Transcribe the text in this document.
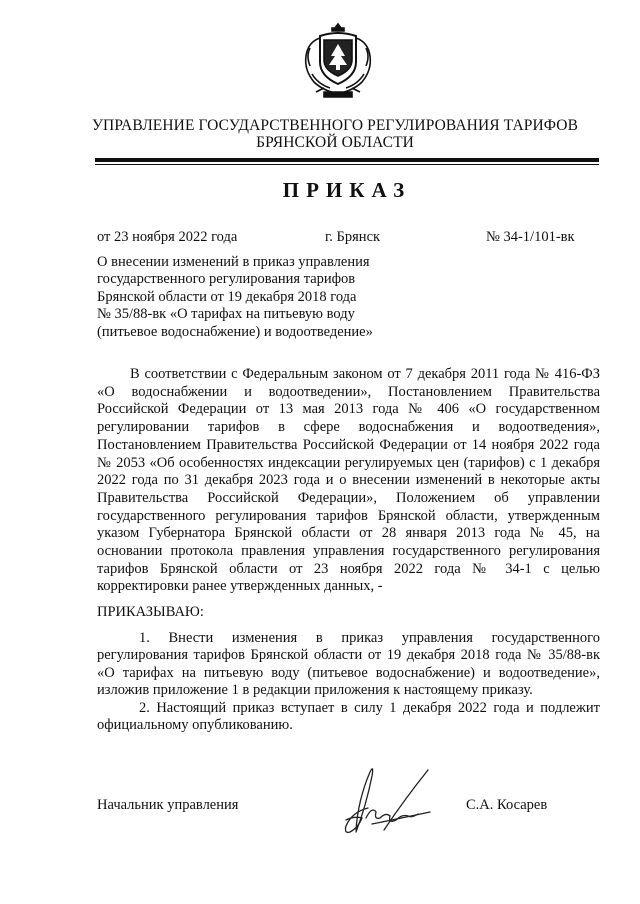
УПРАВЛЕНИЕ ГОСУДАРСТВЕННОГО РЕГУЛИРОВАНИЯ ТАРИФОВ
БРЯНСКОЙ ОБЛАСТИ
ПРИКАЗ
от 23 ноября 2022 года	г. Брянск	№ 34-1/101-вк
О внесении изменений в приказ управления
государственного регулирования тарифов
Брянской области от 19 декабря 2018 года
№ 35/88-вк «О тарифах на питьевую воду
(питьевое водоснабжение) и водоотведение»
В соответствии с Федеральным законом от 7 декабря 2011 года № 416-ФЗ «О водоснабжении и водоотведении», Постановлением Правительства Российской Федерации от 13 мая 2013 года № 406 «О государственном регулировании тарифов в сфере водоснабжения и водоотведения», Постановлением Правительства Российской Федерации от 14 ноября 2022 года № 2053 «Об особенностях индексации регулируемых цен (тарифов) с 1 декабря 2022 года по 31 декабря 2023 года и о внесении изменений в некоторые акты Правительства Российской Федерации», Положением об управлении государственного регулирования тарифов Брянской области, утвержденным указом Губернатора Брянской области от 28 января 2013 года № 45, на основании протокола правления управления государственного регулирования тарифов Брянской области от 23 ноября 2022 года № 34-1 с целью корректировки ранее утвержденных данных, -
ПРИКАЗЫВАЮ:

1. Внести изменения в приказ управления государственного регулирования тарифов Брянской области от 19 декабря 2018 года № 35/88-вк «О тарифах на питьевую воду (питьевое водоснабжение) и водоотведение», изложив приложение 1 в редакции приложения к настоящему приказу.

2. Настоящий приказ вступает в силу 1 декабря 2022 года и подлежит официальному опубликованию.

Начальник управления	С.А. Косарев
